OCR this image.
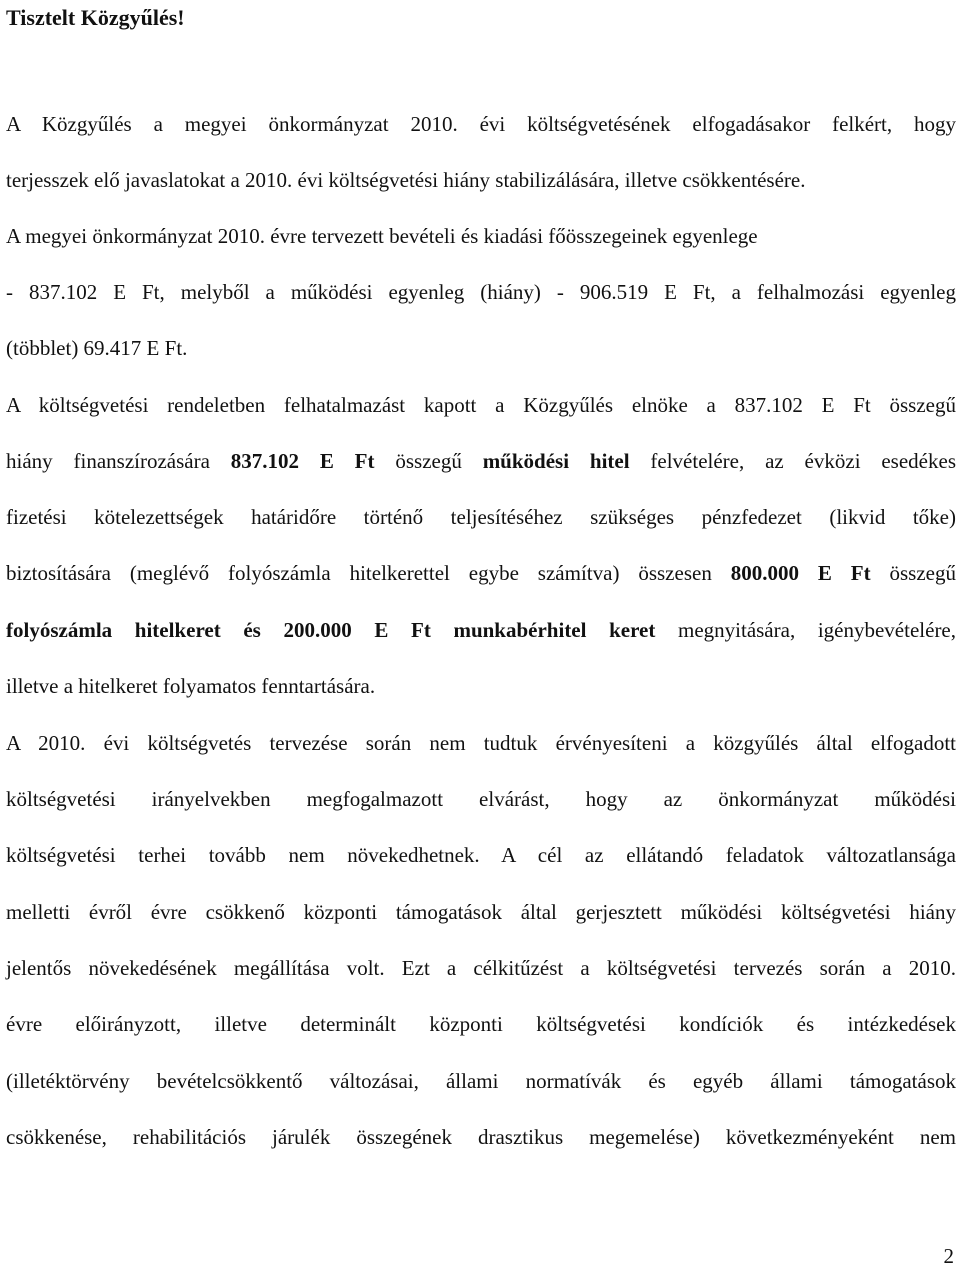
Tisztelt Közgyűlés!
A Közgyűlés a megyei önkormányzat 2010. évi költségvetésének elfogadásakor felkért, hogy
terjesszek elő javaslatokat a 2010. évi költségvetési hiány stabilizálására, illetve csökkentésére.
A megyei önkormányzat 2010. évre tervezett bevételi és kiadási főösszegeinek egyenlege
- 837.102 E Ft, melyből a működési egyenleg (hiány) - 906.519 E Ft, a felhalmozási egyenleg
(többlet) 69.417 E Ft.
A költségvetési rendeletben felhatalmazást kapott a Közgyűlés elnöke a 837.102 E Ft összegű
hiány finanszírozására 837.102 E Ft összegű működési hitel felvételére, az évközi esedékes
fizetési kötelezettségek határidőre történő teljesítéséhez szükséges pénzfedezet (likvid tőke)
biztosítására (meglévő folyószámla hitelkerettel egybe számítva) összesen 800.000 E Ft összegű
folyószámla hitelkeret és 200.000 E Ft munkabérhitel keret megnyitására, igénybevételére,
illetve a hitelkeret folyamatos fenntartására.
A 2010. évi költségvetés tervezése során nem tudtuk érvényesíteni a közgyűlés által elfogadott
költségvetési irányelvekben megfogalmazott elvárást, hogy az önkormányzat működési
költségvetési terhei tovább nem növekedhetnek. A cél az ellátandó feladatok változatlansága
melletti évről évre csökkenő központi támogatások által gerjesztett működési költségvetési hiány
jelentős növekedésének megállítása volt. Ezt a célkitűzést a költségvetési tervezés során a 2010.
évre előirányzott, illetve determinált központi költségvetési kondíciók és intézkedések
(illetéktörvény bevételcsökkentő változásai, állami normatívák és egyéb állami támogatások
csökkenése, rehabilitációs járulék összegének drasztikus megemelése) következményeként nem
2
